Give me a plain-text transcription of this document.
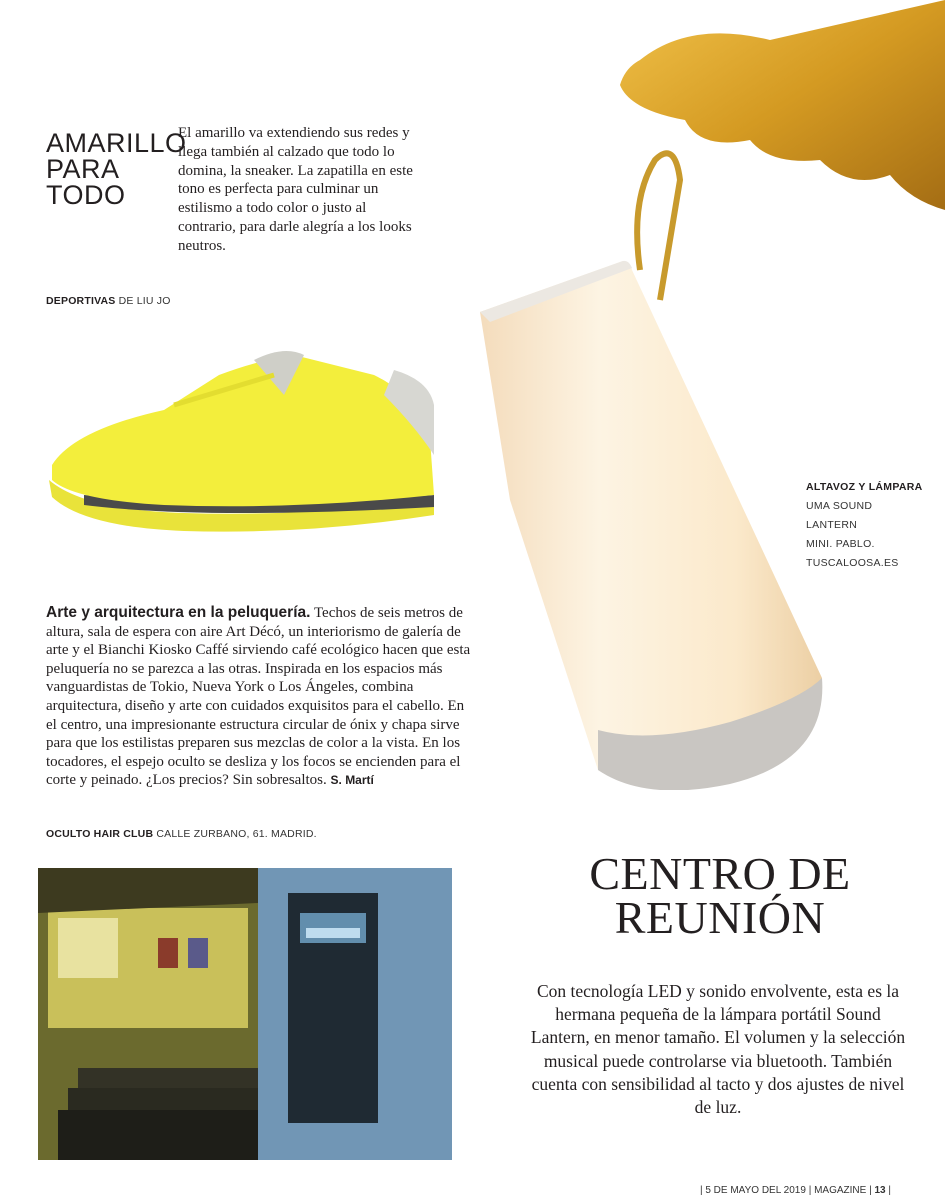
AMARILLO
PARA
TODO

El amarillo va extendiendo sus redes y llega también al calzado que todo lo domina, la sneaker. La zapatilla en este tono es perfecta para culminar un estilismo a todo color o justo al contrario, para darle alegría a los looks neutros.

DEPORTIVAS DE LIU JO
ALTAVOZ Y LÁMPARA
UMA SOUND LANTERN
MINI. PABLO.
TUSCALOOSA.ES

Arte y arquitectura en la peluquería. Techos de seis metros de altura, sala de espera con aire Art Décó, un interiorismo de galería de arte y el Bianchi Kiosko Caffé sirviendo café ecológico hacen que esta peluquería no se parezca a las otras. Inspirada en los espacios más vanguardistas de Tokio, Nueva York o Los Ángeles, combina arquitectura, diseño y arte con cuidados exquisitos para el cabello. En el centro, una impresionante estructura circular de ónix y chapa sirve para que los estilistas preparen sus mezclas de color a la vista. En los tocadores, el espejo oculto se desliza y los focos se encienden para el corte y peinado. ¿Los precios? Sin sobresaltos. S. Martí

OCULTO HAIR CLUB CALLE ZURBANO, 61. MADRID.
CENTRO DE
REUNIÓN

Con tecnología LED y sonido envolvente, esta es la hermana pequeña de la lámpara portátil Sound Lantern, en menor tamaño. El volumen y la selección musical puede controlarse via bluetooth. También cuenta con sensibilidad al tacto y dos ajustes de nivel de luz.

| 5 DE MAYO DEL 2019 | MAGAZINE | 13 |
